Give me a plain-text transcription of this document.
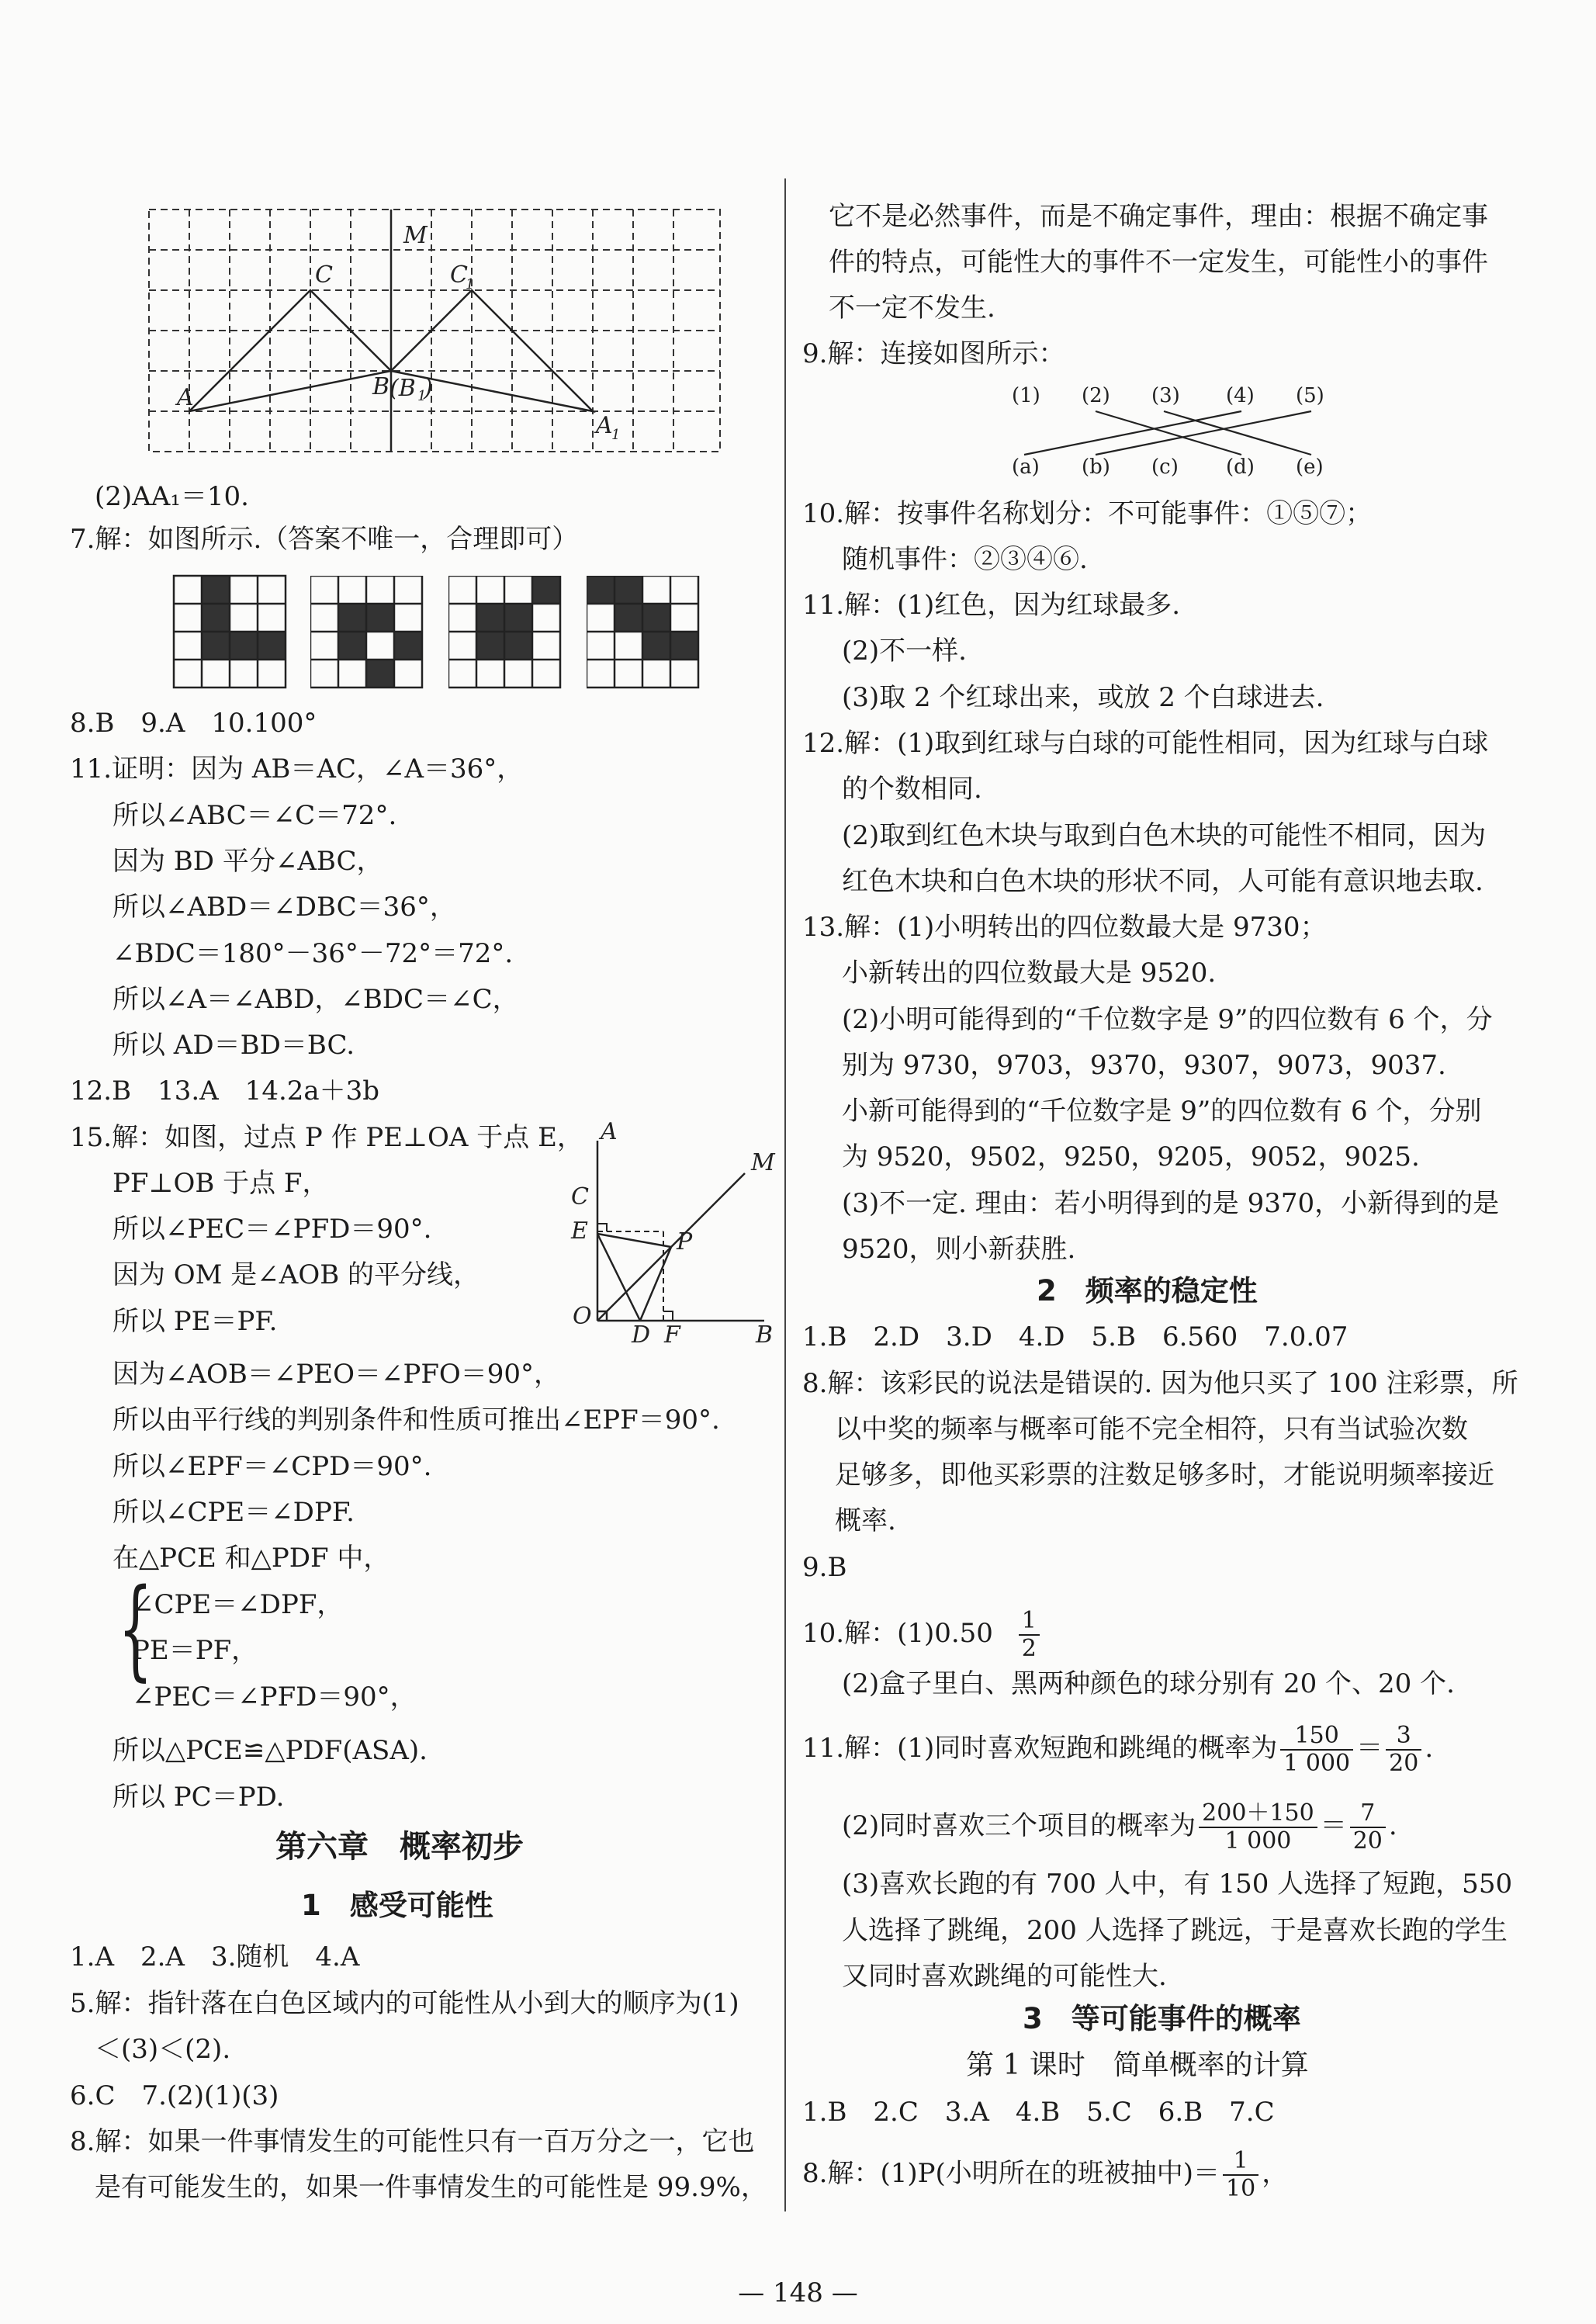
M
C	C
1
A	B (B 1
)
A
1
(2)AA₁＝10.
7.解：如图所示.（答案不唯一，合理即可）
8.B　9.A　10.100°
11.证明：因为 AB＝AC，∠A＝36°，
所以∠ABC＝∠C＝72°.
因为 BD 平分∠ABC，
所以∠ABD＝∠DBC＝36°，
∠BDC＝180°－36°－72°＝72°.
所以∠A＝∠ABD，∠BDC＝∠C，
所以 AD＝BD＝BC.
12.B　13.A　14.2a＋3b
15.解：如图，过点 P 作 PE⊥OA 于点 E，
PF⊥OB 于点 F，
所以∠PEC＝∠PFD＝90°.
因为 OM 是∠AOB 的平分线，
所以 PE＝PF.
A
M
C
E	P
O
D F	B
因为∠AOB＝∠PEO＝∠PFO＝90°，
所以由平行线的判别条件和性质可推出∠EPF＝90°.
所以∠EPF＝∠CPD＝90°.
所以∠CPE＝∠DPF.
在△PCE 和△PDF 中，
{
∠CPE＝∠DPF，
PE＝PF，
∠PEC＝∠PFD＝90°，
所以△PCE≌△PDF(ASA).
所以 PC＝PD.
第六章　概率初步
1　感受可能性
1.A　2.A　3.随机　4.A
5.解：指针落在白色区域内的可能性从小到大的顺序为(1)
＜(3)＜(2).
6.C　7.(2)(1)(3)
8.解：如果一件事情发生的可能性只有一百万分之一，它也
是有可能发生的，如果一件事情发生的可能性是 99.9%，
它不是必然事件，而是不确定事件，理由：根据不确定事
件的特点，可能性大的事件不一定发生，可能性小的事件
不一定不发生.
9.解：连接如图所示：
(1) (2) (3) (4) (5)
(a) (b) (c) (d) (e)
10.解：按事件名称划分：不可能事件：①⑤⑦；
随机事件：②③④⑥.
11.解：(1)红色，因为红球最多.
(2)不一样.
(3)取 2 个红球出来，或放 2 个白球进去.
12.解：(1)取到红球与白球的可能性相同，因为红球与白球
的个数相同.
(2)取到红色木块与取到白色木块的可能性不相同，因为
红色木块和白色木块的形状不同，人可能有意识地去取.
13.解：(1)小明转出的四位数最大是 9730；
小新转出的四位数最大是 9520.
(2)小明可能得到的“千位数字是 9”的四位数有 6 个，分
别为 9730，9703，9370，9307，9073，9037.
小新可能得到的“千位数字是 9”的四位数有 6 个，分别
为 9520，9502，9250，9205，9052，9025.
(3)不一定. 理由：若小明得到的是 9370，小新得到的是
9520，则小新获胜.
2　频率的稳定性
1.B　2.D　3.D　4.D　5.B　6.560　7.0.07
8.解：该彩民的说法是错误的. 因为他只买了 100 注彩票，所
以中奖的频率与概率可能不完全相符，只有当试验次数
足够多，即他买彩票的注数足够多时，才能说明频率接近
概率.
9.B
10.解：$(1)0.50 \frac{1}{2}$
(2)盒子里白、黑两种颜色的球分别有 20 个、20 个.
11.解：(1)同时喜欢短跑和跳绳的概率为 $\frac{150}{1 000} = \frac{3}{20}$ .
(2)同时喜欢三个项目的概率为 $\frac{200+150}{1 000} = \frac{7}{20}$ .
(3)喜欢长跑的有 700 人中，有 150 人选择了短跑，550
人选择了跳绳，200 人选择了跳远，于是喜欢长跑的学生
又同时喜欢跳绳的可能性大.
3　等可能事件的概率
第 1 课时　简单概率的计算
1.B　2.C　3.A　4.B　5.C　6.B　7.C
8.解：(1)P(小明所在的班被抽中)＝ $\frac{1}{10}$ ，
— 148 —
